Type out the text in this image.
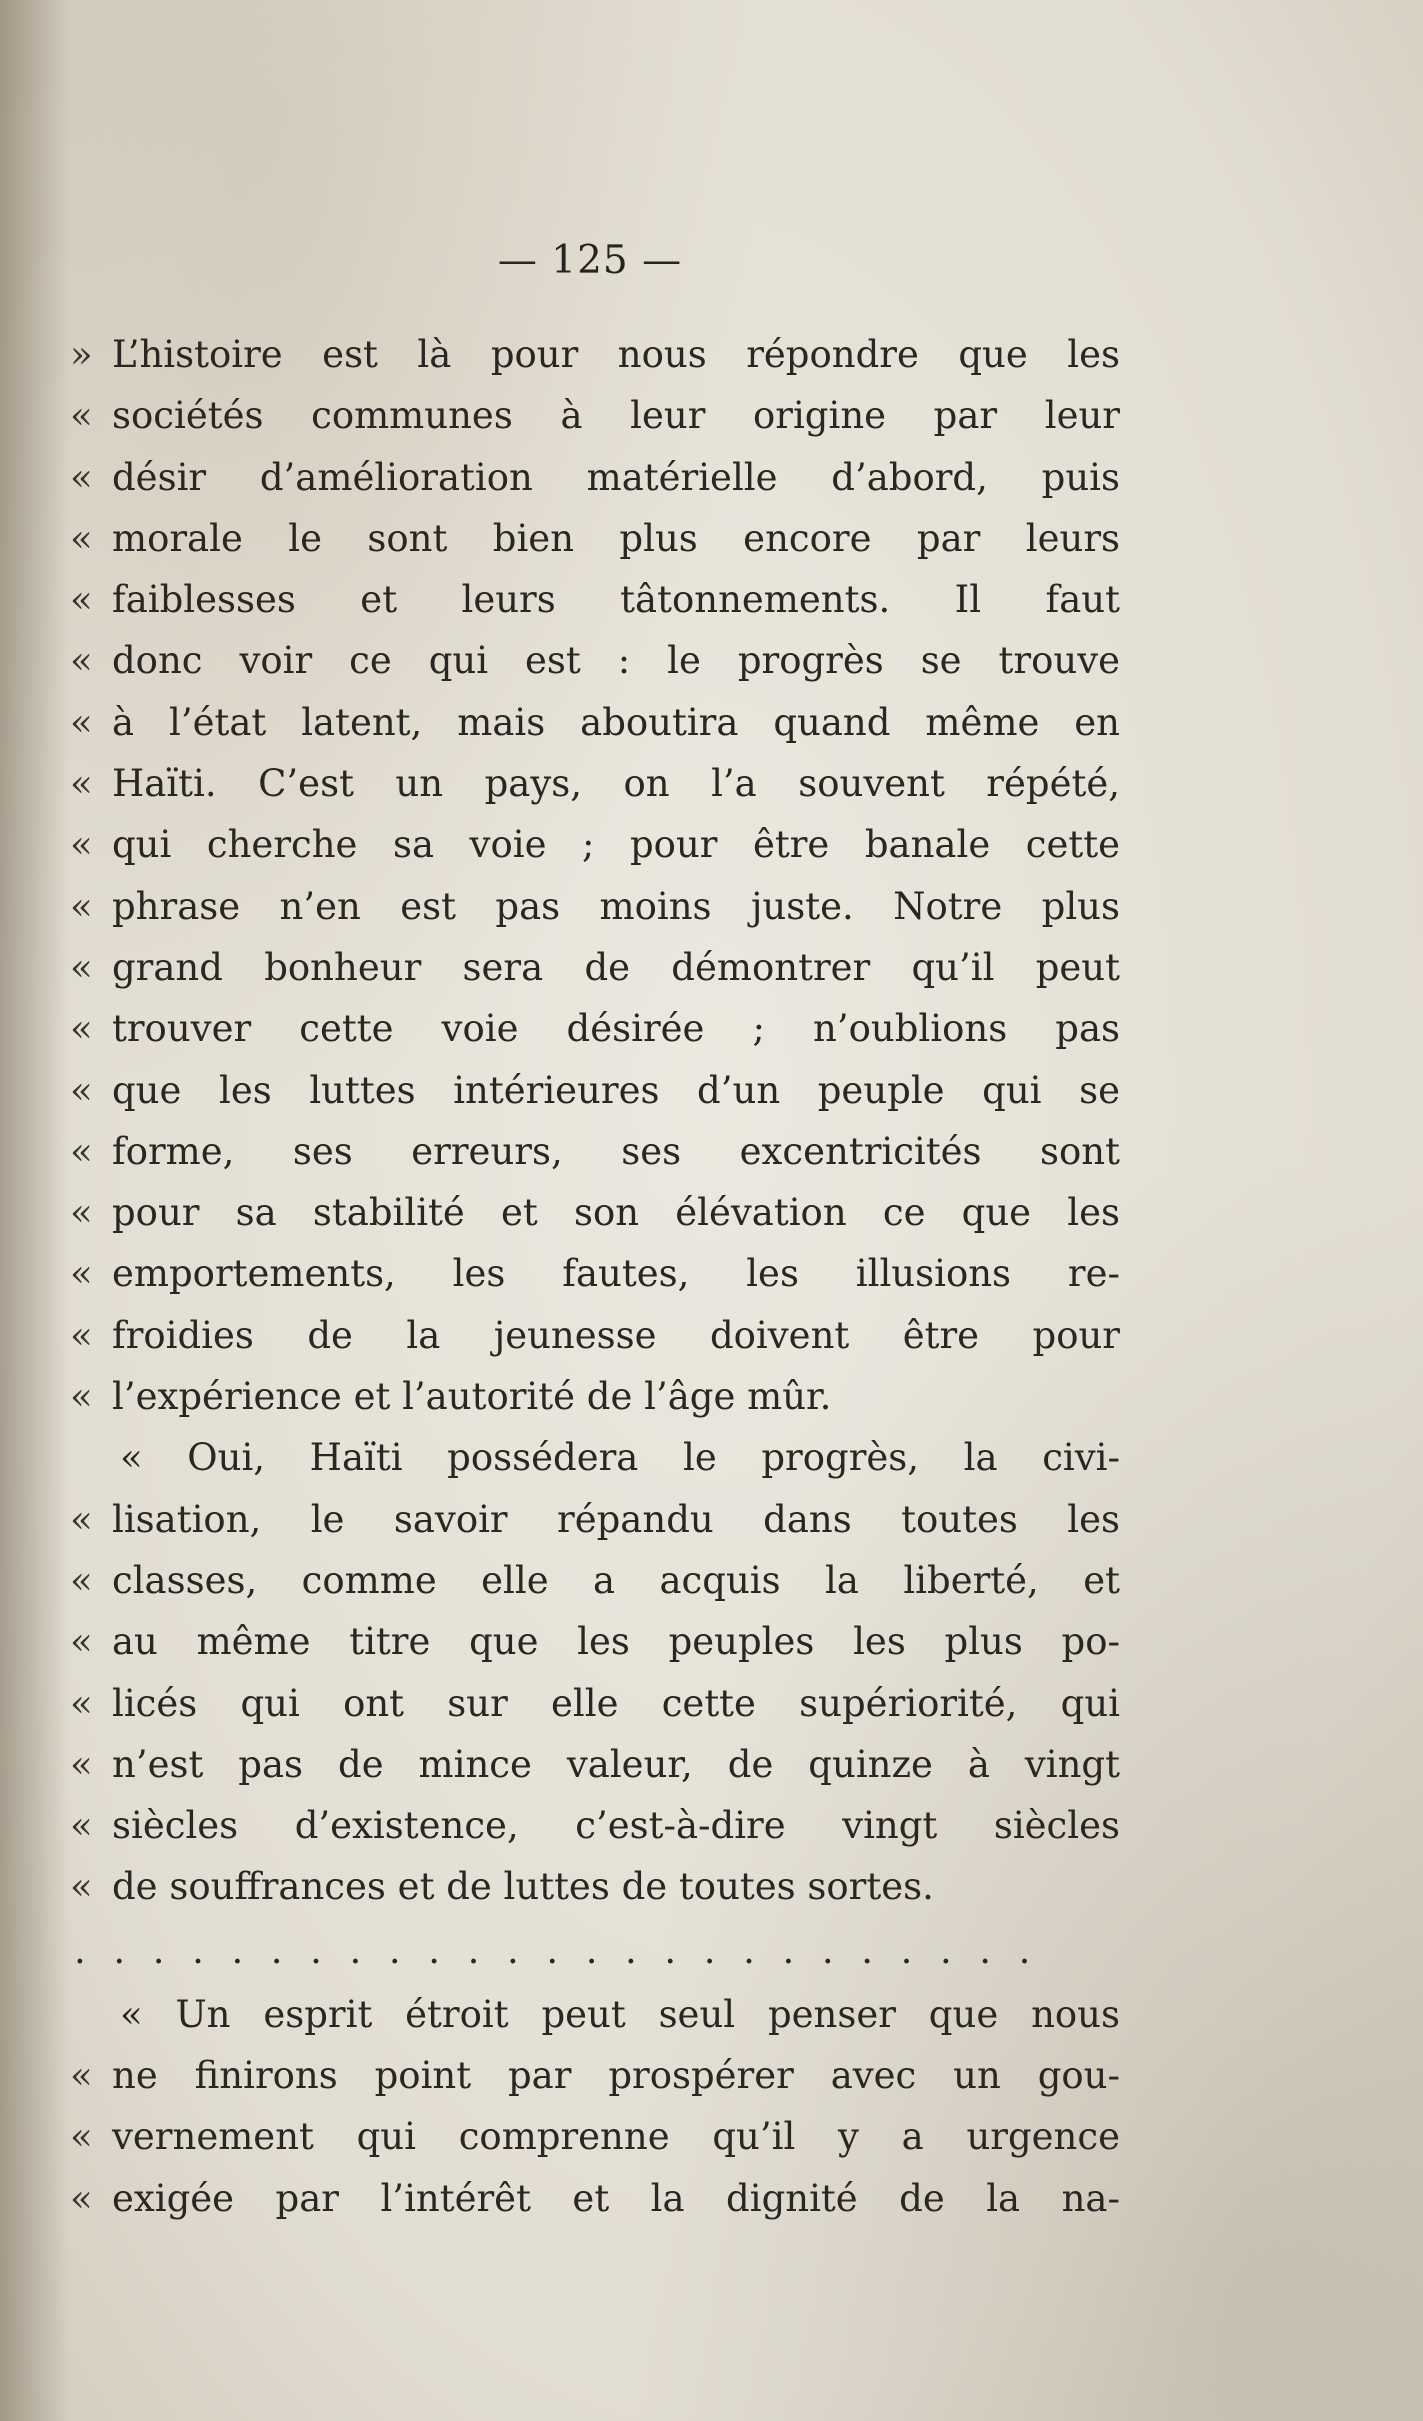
— 125 —
» L’histoire est là pour nous répondre que les
« sociétés communes à leur origine par leur
« désir d’amélioration matérielle d’abord, puis
« morale le sont bien plus encore par leurs
« faiblesses et leurs tâtonnements. Il faut
« donc voir ce qui est : le progrès se trouve
« à l’état latent, mais aboutira quand même en
« Haïti. C’est un pays, on l’a souvent répété,
« qui cherche sa voie ; pour être banale cette
« phrase n’en est pas moins juste. Notre plus
« grand bonheur sera de démontrer qu’il peut
« trouver cette voie désirée ; n’oublions pas
« que les luttes intérieures d’un peuple qui se
« forme, ses erreurs, ses excentricités sont
« pour sa stabilité et son élévation ce que les
« emportements, les fautes, les illusions re-
« froidies de la jeunesse doivent être pour
« l’expérience et l’autorité de l’âge mûr.
« Oui, Haïti possédera le progrès, la civi-
« lisation, le savoir répandu dans toutes les
« classes, comme elle a acquis la liberté, et
« au même titre que les peuples les plus po-
« licés qui ont sur elle cette supériorité, qui
« n’est pas de mince valeur, de quinze à vingt
« siècles d’existence, c’est-à-dire vingt siècles
« de souffrances et de luttes de toutes sortes.
.........................
« Un esprit étroit peut seul penser que nous
« ne finirons point par prospérer avec un gou-
« vernement qui comprenne qu’il y a urgence
« exigée par l’intérêt et la dignité de la na-
